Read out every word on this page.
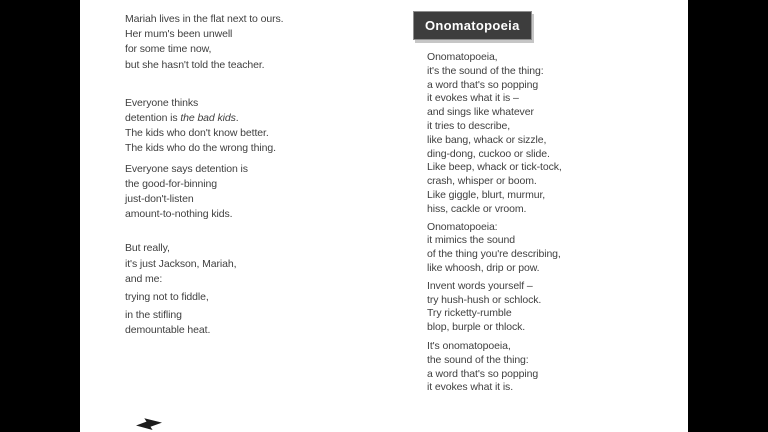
Mariah lives in the flat next to ours.
Her mum's been unwell
for some time now,
but she hasn't told the teacher.
Everyone thinks
detention is the bad kids.
The kids who don't know better.
The kids who do the wrong thing.
Everyone says detention is
the good-for-binning
just-don't-listen
amount-to-nothing kids.
But really,
it's just Jackson, Mariah,
and me:
trying not to fiddle,
in the stifling
demountable heat.
Onomatopoeia
Onomatopoeia,
it's the sound of the thing:
a word that's so popping
it evokes what it is –
and sings like whatever
it tries to describe,
like bang, whack or sizzle,
ding-dong, cuckoo or slide.
Like beep, whack or tick-tock,
crash, whisper or boom.
Like giggle, blurt, murmur,
hiss, cackle or vroom.
Onomatopoeia:
it mimics the sound
of the thing you're describing,
like whoosh, drip or pow.
Invent words yourself –
try hush-hush or schlock.
Try ricketty-rumble
blop, burple or thlock.
It's onomatopoeia,
the sound of the thing:
a word that's so popping
it evokes what it is.
